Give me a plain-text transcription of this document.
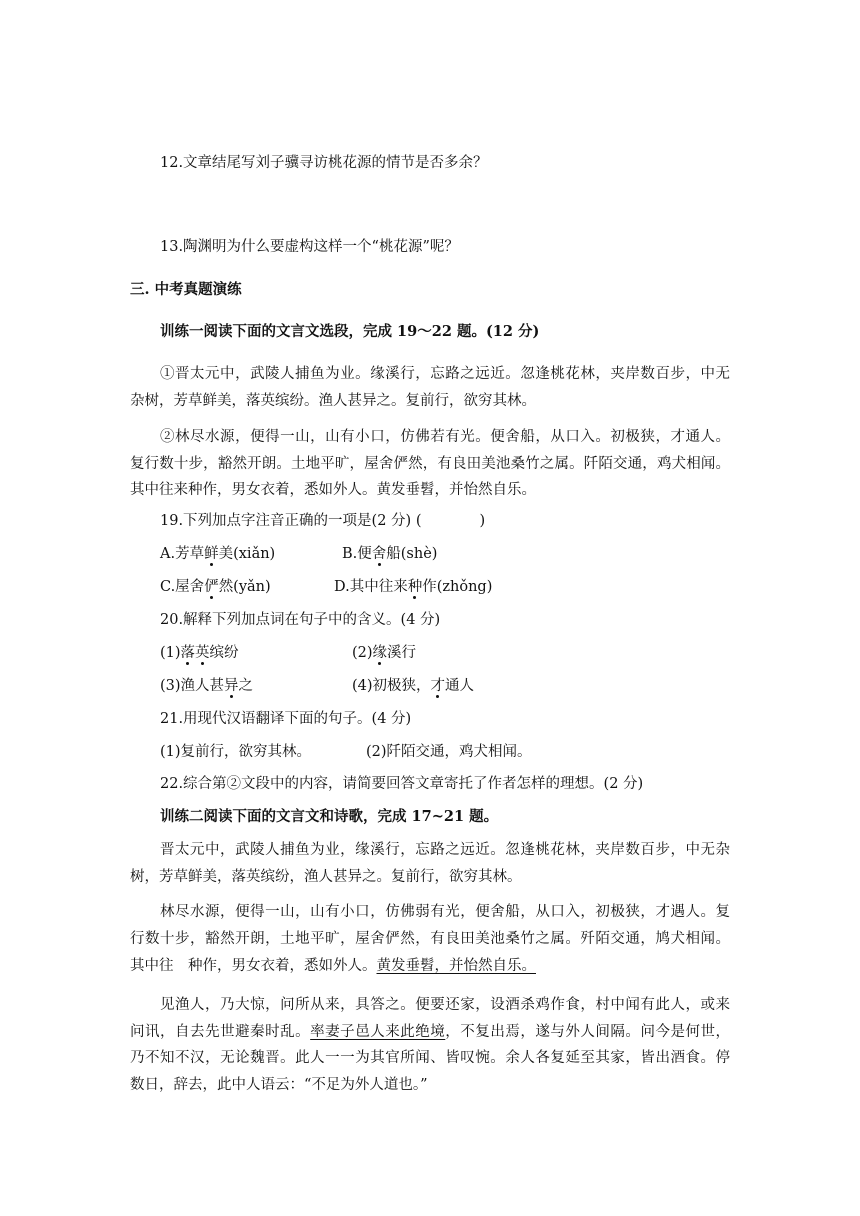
12.文章结尾写刘子骥寻访桃花源的情节是否多余？
13.陶渊明为什么要虚构这样一个“桃花源”呢？
三. 中考真题演练
训练一阅读下面的文言文选段，完成 19～22 题。(12 分)
①晋太元中，武陵人捕鱼为业。缘溪行，忘路之远近。忽逢桃花林，夹岸数百步，中无
杂树，芳草鲜美，落英缤纷。渔人甚异之。复前行，欲穷其林。
②林尽水源，便得一山，山有小口，仿佛若有光。便舍船，从口入。初极狭，才通人。
复行数十步，豁然开朗。土地平旷，屋舍俨然，有良田美池桑竹之属。阡陌交通，鸡犬相闻。
其中往来种作，男女衣着，悉如外人。黄发垂髫，并怡然自乐。
19.下列加点字注音正确的一项是(2 分) (　　　　)
A.芳草鲜美(xiǎn)	B.便舍船(shè)
C.屋舍俨然(yǎn)	D.其中往来种作(zhǒng)
20.解释下列加点词在句子中的含义。(4 分)
(1)落英缤纷	(2)缘溪行
(3)渔人甚异之	(4)初极狭，才通人
21.用现代汉语翻译下面的句子。(4 分)
(1)复前行，欲穷其林。	(2)阡陌交通，鸡犬相闻。
22.综合第②文段中的内容，请简要回答文章寄托了作者怎样的理想。(2 分)
训练二阅读下面的文言文和诗歌，完成 17~21 题。
晋太元中，武陵人捕鱼为业，缘溪行，忘路之远近。忽逢桃花林，夹岸数百步，中无杂
树，芳草鲜美，落英缤纷，渔人甚异之。复前行，欲穷其林。
林尽水源，便得一山，山有小口，仿佛弱有光，便舍船，从口入，初极狭，才遇人。复
行数十步，豁然开朗，土地平旷，屋舍俨然，有良田美池桑竹之属。歼陌交通，鸠犬相闻。
其中往　种作，男女衣着，悉如外人。黄发垂髫，并怡然自乐。
见渔人，乃大惊，问所从来，具答之。便要还家，设酒杀鸡作食，村中闻有此人，或来
问讯，自去先世避秦时乱。率妻子邑人来此绝境，不复出焉，遂与外人间隔。问今是何世，
乃不知不汉，无论魏晋。此人一一为其官所闻、皆叹惋。余人各复延至其家，皆出酒食。停
数日，辞去，此中人语云：“不足为外人道也。”
